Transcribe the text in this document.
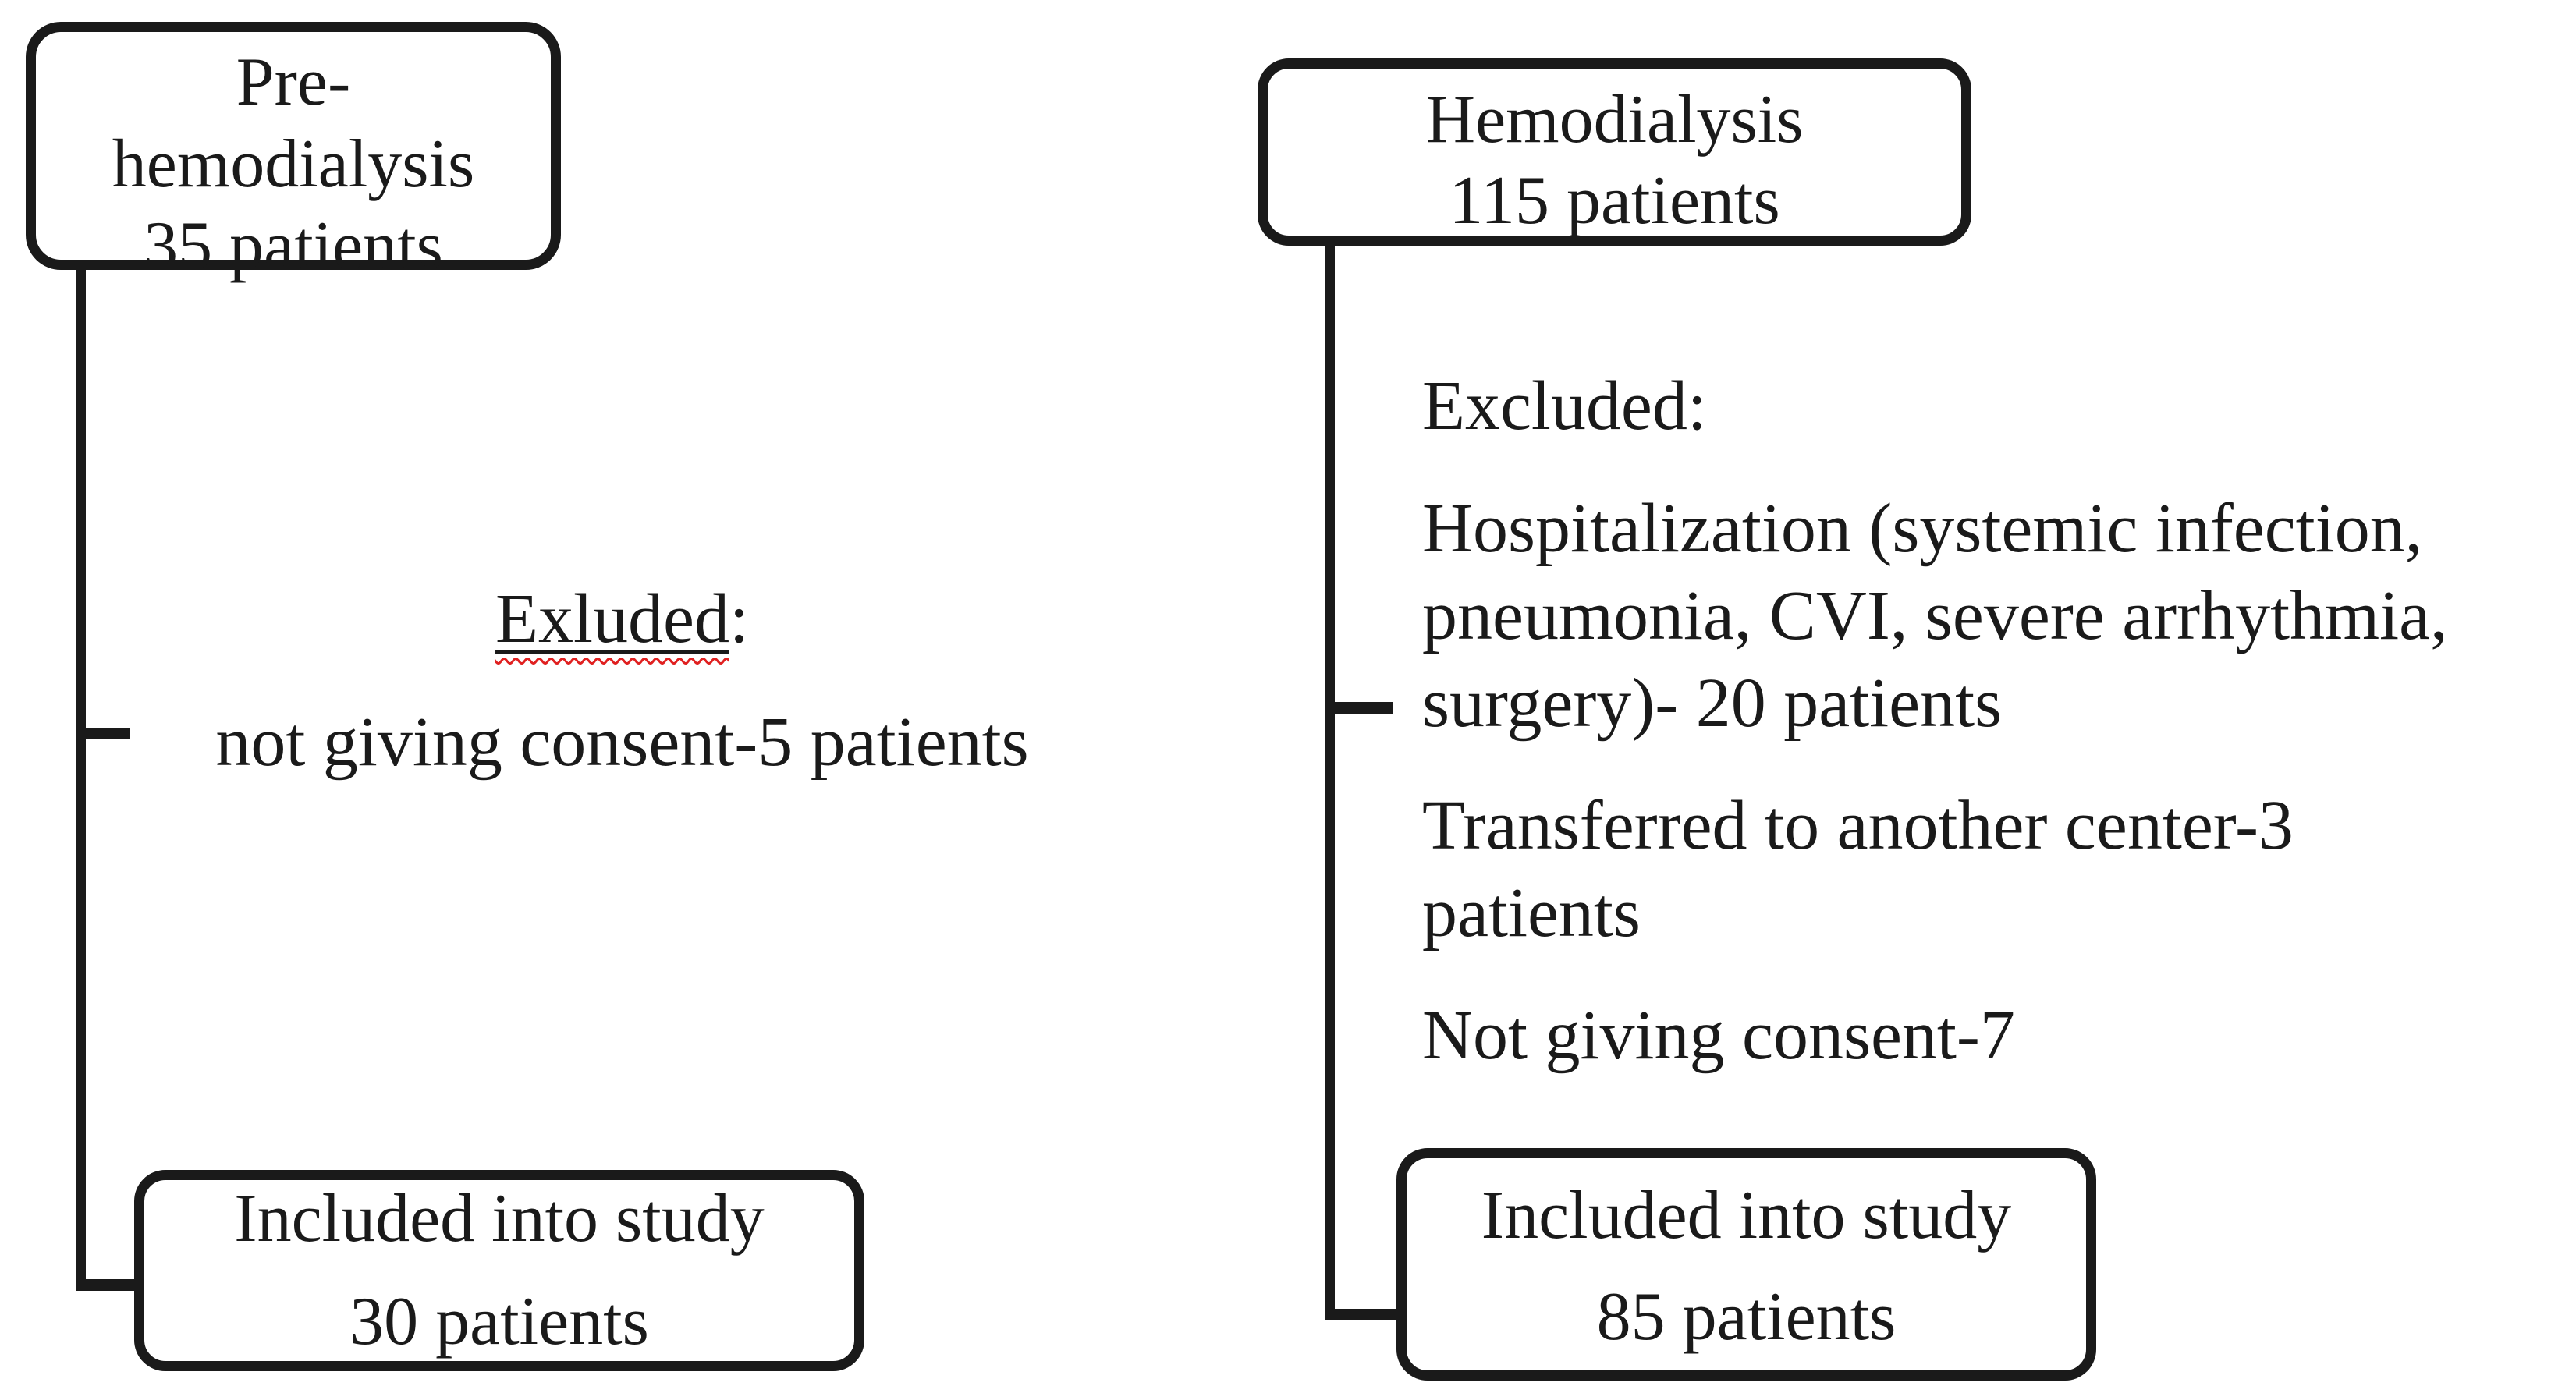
Pre-
hemodialysis
35 patients
Exluded:
not giving consent-5 patients
Included into study
30 patients
Hemodialysis
115 patients
Excluded:
Hospitalization (systemic infection,
pneumonia, CVI, severe arrhythmia,
surgery)- 20 patients
Transferred to another center-3
patients
Not giving consent-7
Included into study
85 patients
